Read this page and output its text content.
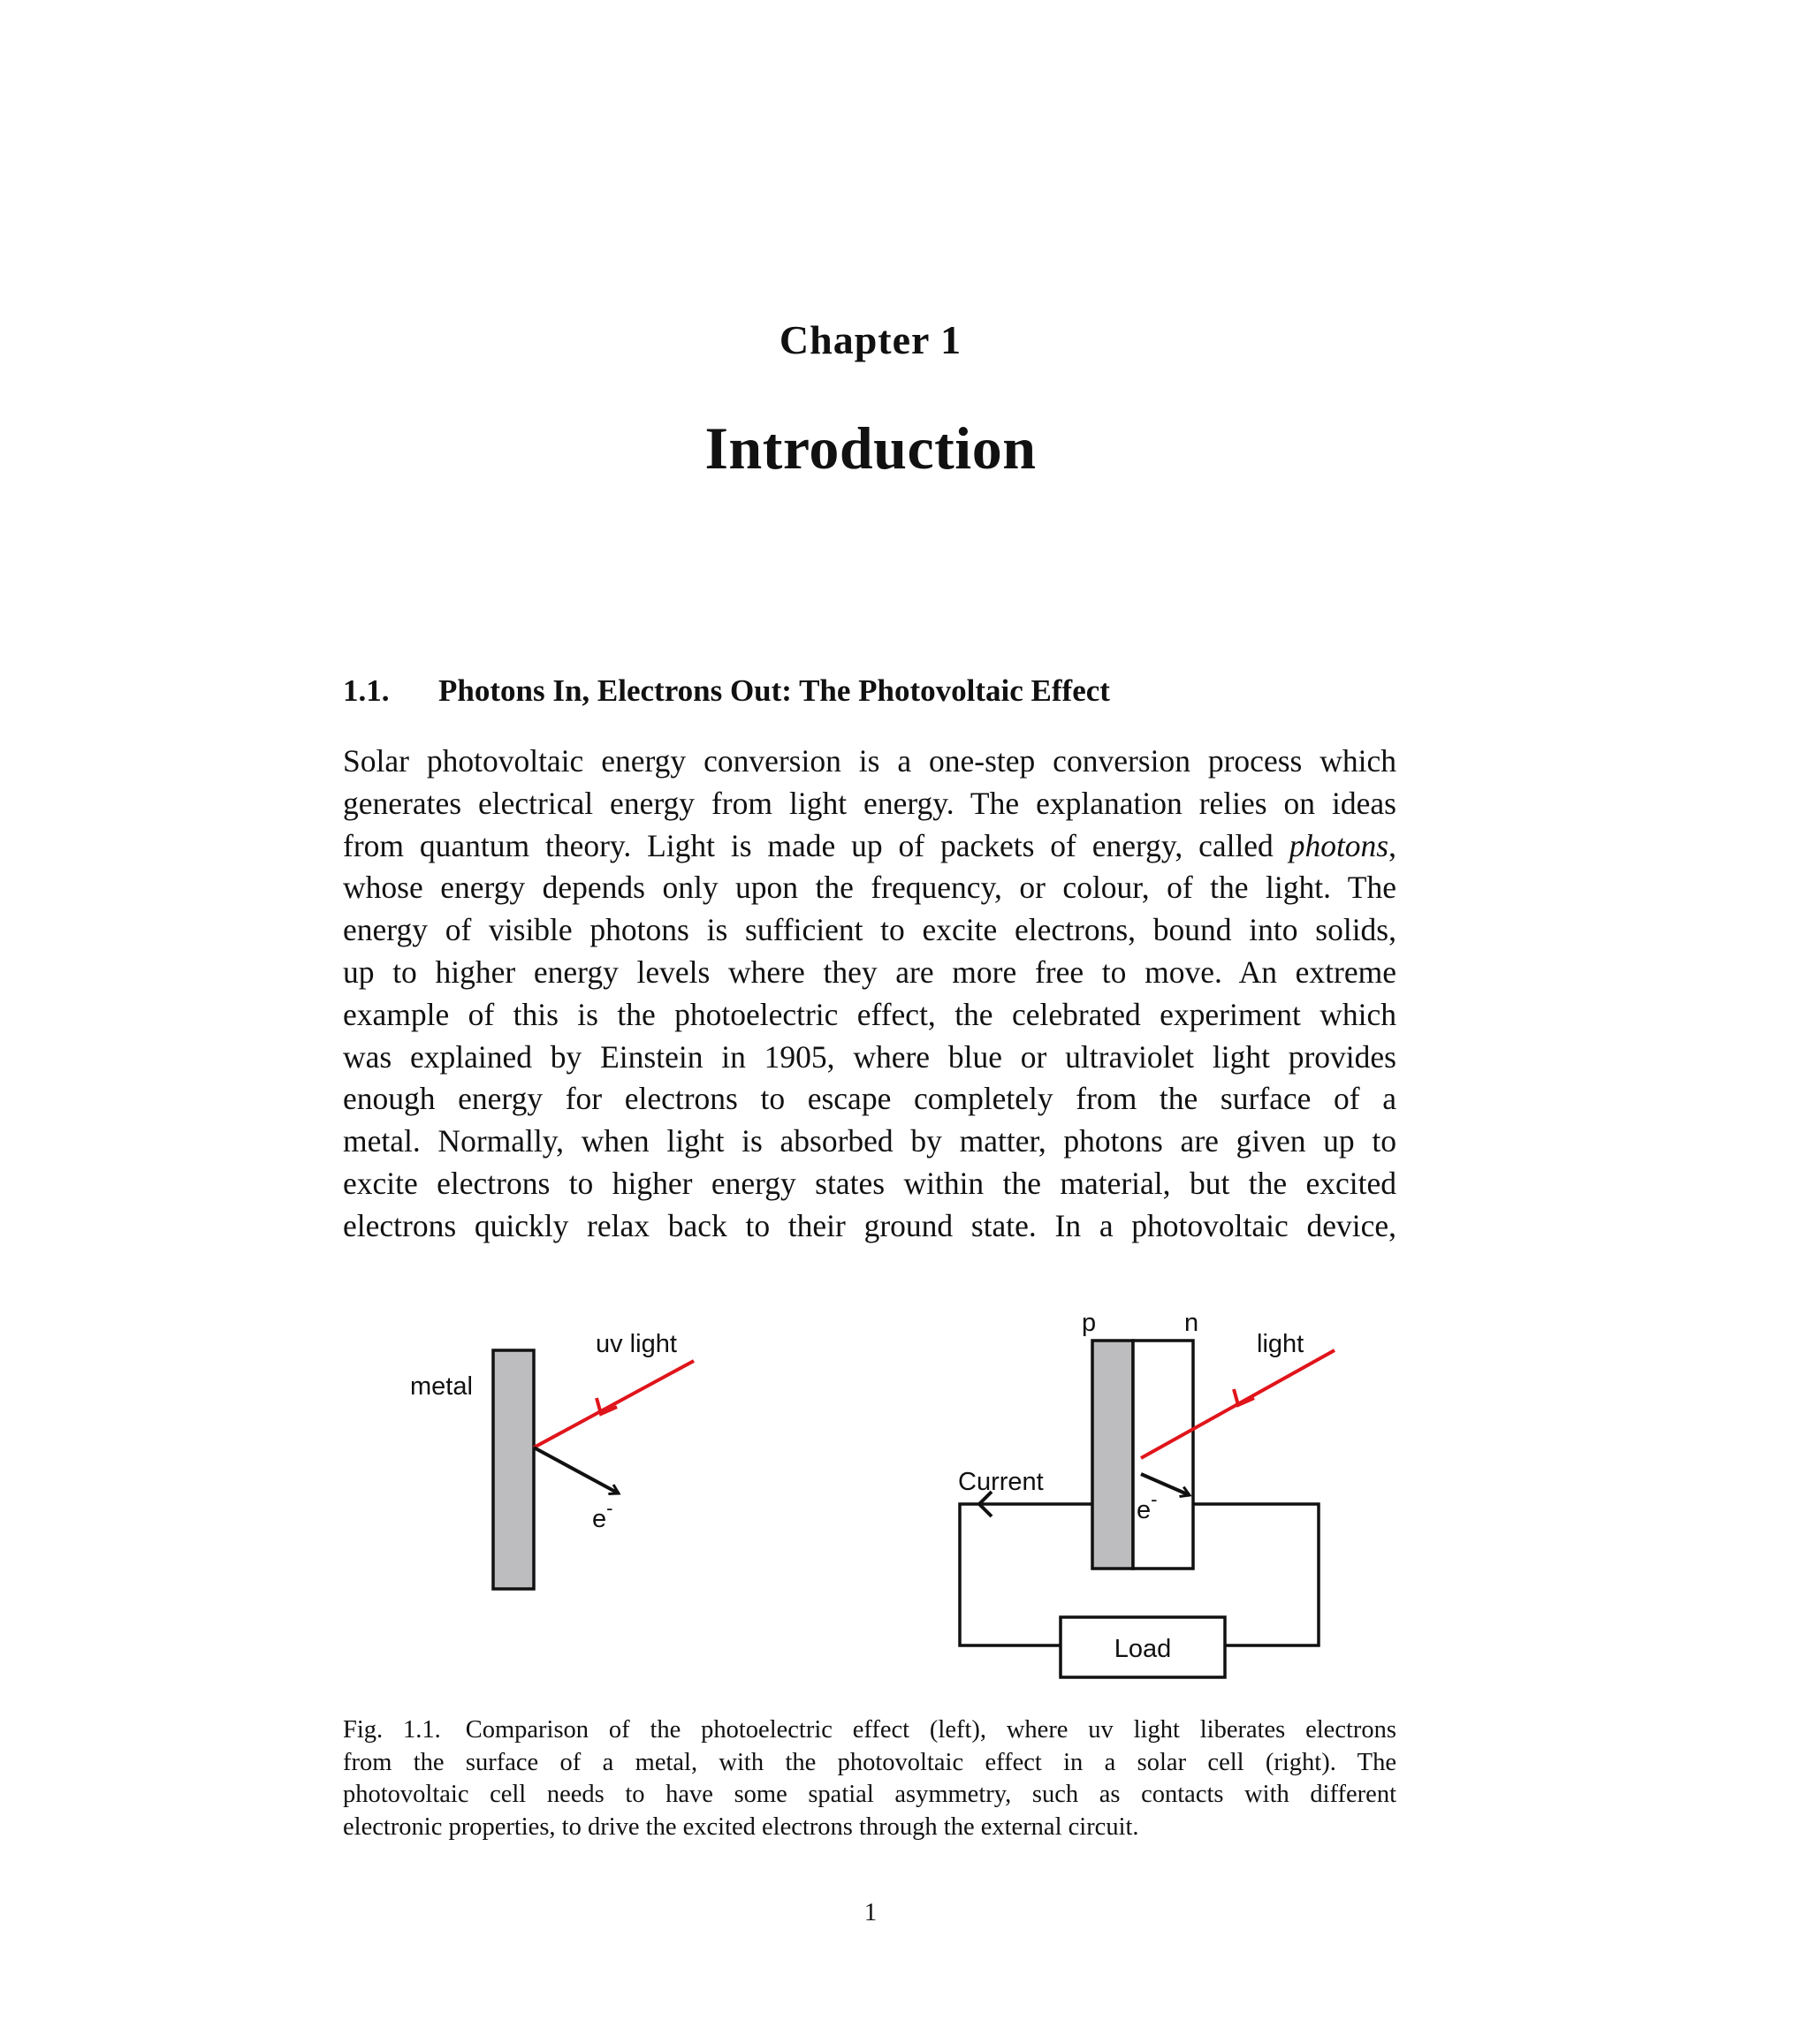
Chapter 1
Introduction
1.1. Photons In, Electrons Out: The Photovoltaic Effect
Solar photovoltaic energy conversion is a one-step conversion process which
generates electrical energy from light energy. The explanation relies on ideas
from quantum theory. Light is made up of packets of energy, called photons,
whose energy depends only upon the frequency, or colour, of the light. The
energy of visible photons is sufficient to excite electrons, bound into solids,
up to higher energy levels where they are more free to move. An extreme
example of this is the photoelectric effect, the celebrated experiment which
was explained by Einstein in 1905, where blue or ultraviolet light provides
enough energy for electrons to escape completely from the surface of a
metal. Normally, when light is absorbed by matter, photons are given up to
excite electrons to higher energy states within the material, but the excited
electrons quickly relax back to their ground state. In a photovoltaic device,
metal
uv light
e-
p	n
light
e-
Current
Load
Fig. 1.1. Comparison of the photoelectric effect (left), where uv light liberates electrons
from the surface of a metal, with the photovoltaic effect in a solar cell (right). The
photovoltaic cell needs to have some spatial asymmetry, such as contacts with different
electronic properties, to drive the excited electrons through the external circuit.
1
